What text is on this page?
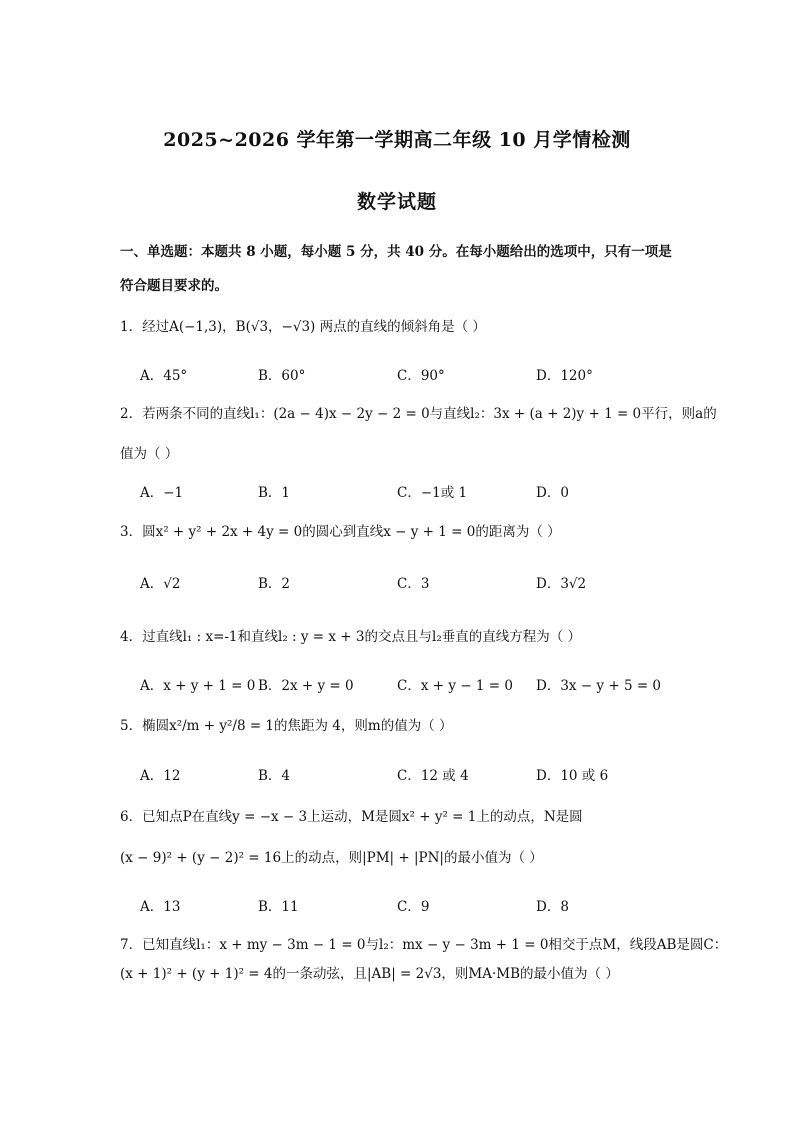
2025~2026 学年第一学期高二年级 10 月学情检测
数学试题
一、单选题：本题共 8 小题，每小题 5 分，共 40 分。在每小题给出的选项中，只有一项是
符合题目要求的。
1．经过A(−1,3)，B(√3，−√3) 两点的直线的倾斜角是（ ）
A．45°	B．60°	C．90°	D．120°
2．若两条不同的直线l₁：(2a − 4)x − 2y − 2 = 0与直线l₂：3x + (a + 2)y + 1 = 0平行，则a的
值为（ ）
A．−1	B．1	C．−1或 1	D．0
3．圆x² + y² + 2x + 4y = 0的圆心到直线x − y + 1 = 0的距离为（ ）
A．√2	B．2	C．3	D．3√2
4．过直线l₁ : x=-1和直线l₂ : y = x + 3的交点且与l₂垂直的直线方程为（ ）
A．x + y + 1 = 0 B．2x + y = 0	C．x + y − 1 = 0 D．3x − y + 5 = 0
5．椭圆x²/m + y²/8 = 1的焦距为 4，则m的值为（ ）
A．12	B．4	C．12 或 4	D．10 或 6
6．已知点P在直线y = −x − 3上运动，M是圆x² + y² = 1上的动点，N是圆
(x − 9)² + (y − 2)² = 16上的动点，则|PM| + |PN|的最小值为（ ）
A．13	B．11	C．9	D．8
7．已知直线l₁：x + my − 3m − 1 = 0与l₂：mx − y − 3m + 1 = 0相交于点M，线段AB是圆C：
(x + 1)² + (y + 1)² = 4的一条动弦，且|AB| = 2√3，则MA·MB的最小值为（ ）
